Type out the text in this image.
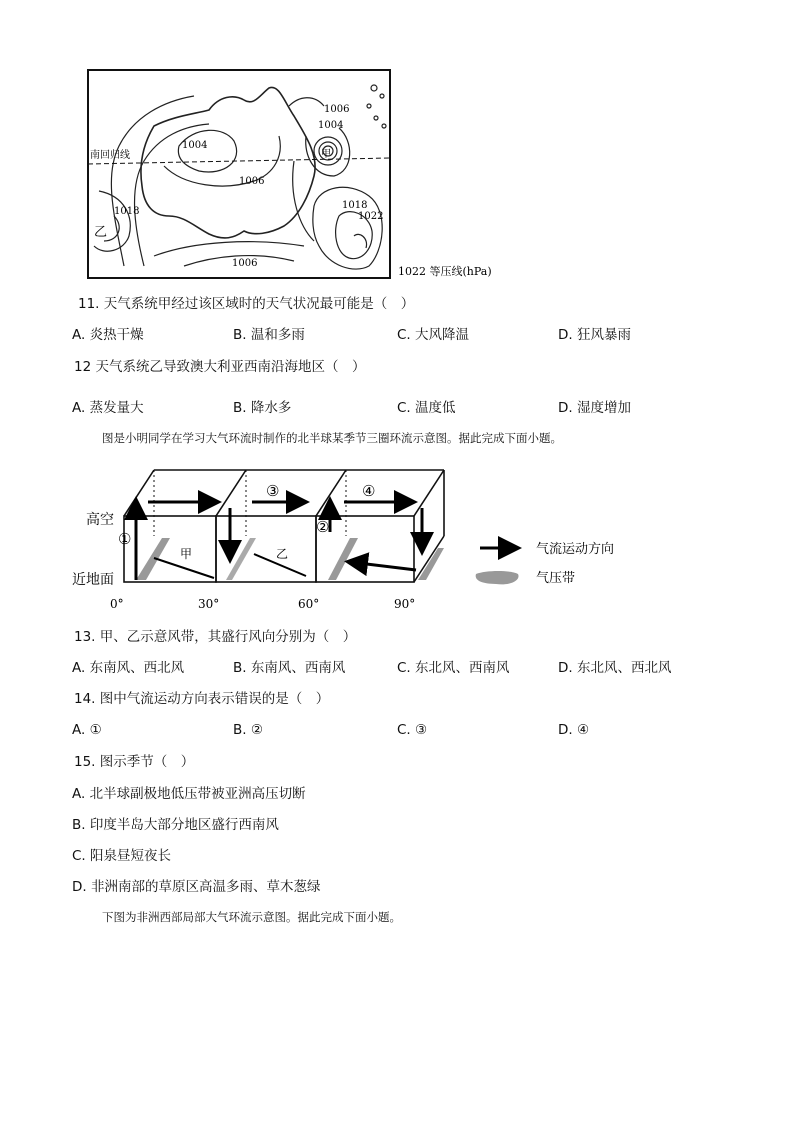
南回归线
1004
1006
1006
1004
1018
1018
1022
1006
乙
甲
1022 等压线(hPa)
11. 天气系统甲经过该区域时的天气状况最可能是（　）
A. 炎热干燥	B. 温和多雨	C. 大风降温	D. 狂风暴雨
12 天气系统乙导致澳大利亚西南沿海地区（　）
A. 蒸发量大	B. 降水多	C. 温度低	D. 湿度增加
图是小明同学在学习大气环流时制作的北半球某季节三圈环流示意图。据此完成下面小题。
高空
近地面
①
②
③	④
甲	乙
0°	30°	60°	90°
气流运动方向
气压带
13. 甲、乙示意风带，其盛行风向分别为（　）
A. 东南风、西北风	B. 东南风、西南风	C. 东北风、西南风	D. 东北风、西北风
14. 图中气流运动方向表示错误的是（　）
A. ①	B. ②	C. ③	D. ④
15. 图示季节（　）
A. 北半球副极地低压带被亚洲高压切断
B. 印度半岛大部分地区盛行西南风
C. 阳泉昼短夜长
D. 非洲南部的草原区高温多雨、草木葱绿
下图为非洲西部局部大气环流示意图。据此完成下面小题。
